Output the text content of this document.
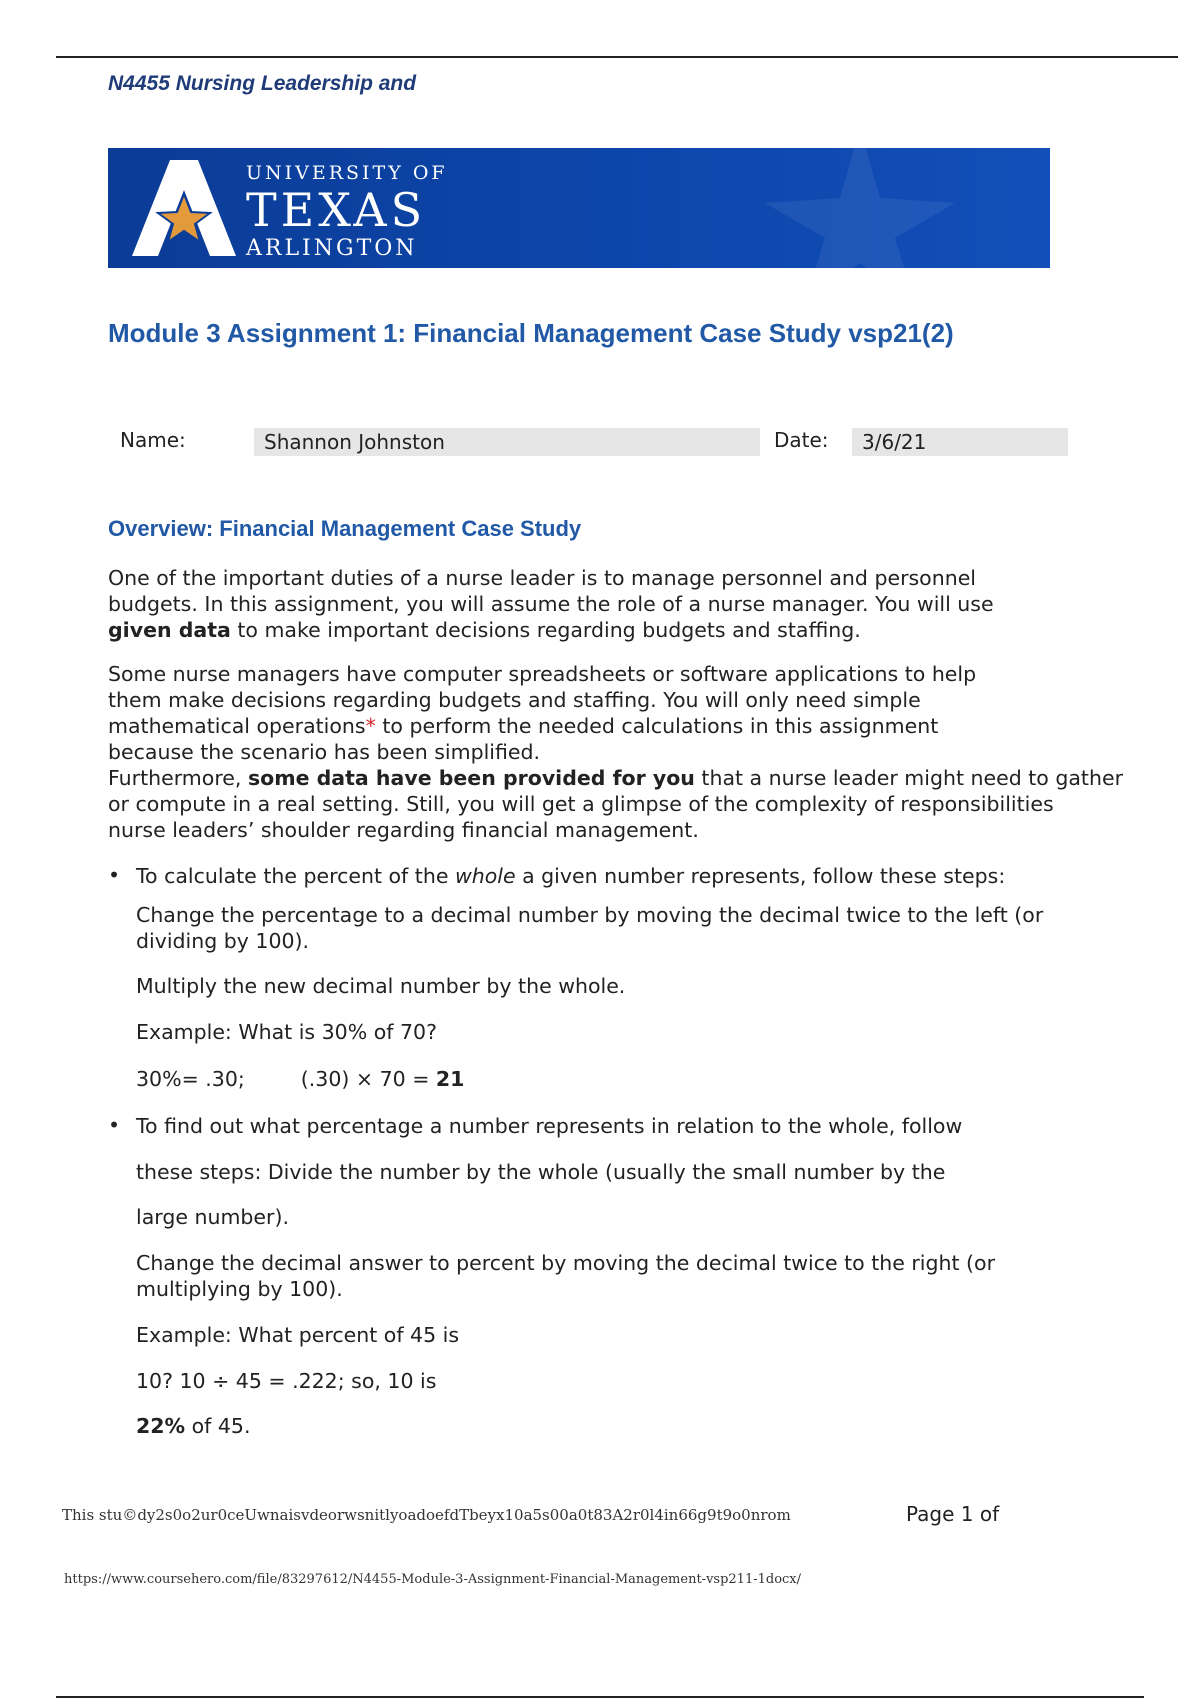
N4455 Nursing Leadership and
UNIVERSITY OF
TEXAS
ARLINGTON
Module 3 Assignment 1: Financial Management Case Study vsp21(2)
Name:	Shannon Johnston	Date:	3/6/21
Overview: Financial Management Case Study
One of the important duties of a nurse leader is to manage personnel and personnel
budgets. In this assignment, you will assume the role of a nurse manager. You will use
given data to make important decisions regarding budgets and staffing.
Some nurse managers have computer spreadsheets or software applications to help
them make decisions regarding budgets and staffing. You will only need simple
mathematical operations* to perform the needed calculations in this assignment
because the scenario has been simplified.
Furthermore, some data have been provided for you that a nurse leader might need to gather
or compute in a real setting. Still, you will get a glimpse of the complexity of responsibilities
nurse leaders’ shoulder regarding financial management.
• To calculate the percent of the whole a given number represents, follow these steps:
Change the percentage to a decimal number by moving the decimal twice to the left (or
dividing by 100).
Multiply the new decimal number by the whole.
Example: What is 30% of 70?
30%= .30;	(.30) × 70 = 21
• To find out what percentage a number represents in relation to the whole, follow
these steps: Divide the number by the whole (usually the small number by the
large number).
Change the decimal answer to percent by moving the decimal twice to the right (or
multiplying by 100).
Example: What percent of 45 is
10? 10 ÷ 45 = .222; so, 10 is
22% of 45.
This stu©dy2s0o2ur0ceUwnaisvdeorwsnitlyoadoefdTbeyx10a5s00a0t83A2r0l4in66g9t9o0nrom	Page 1 of
https://www.coursehero.com/file/83297612/N4455-Module-3-Assignment-Financial-Management-vsp211-1docx/
